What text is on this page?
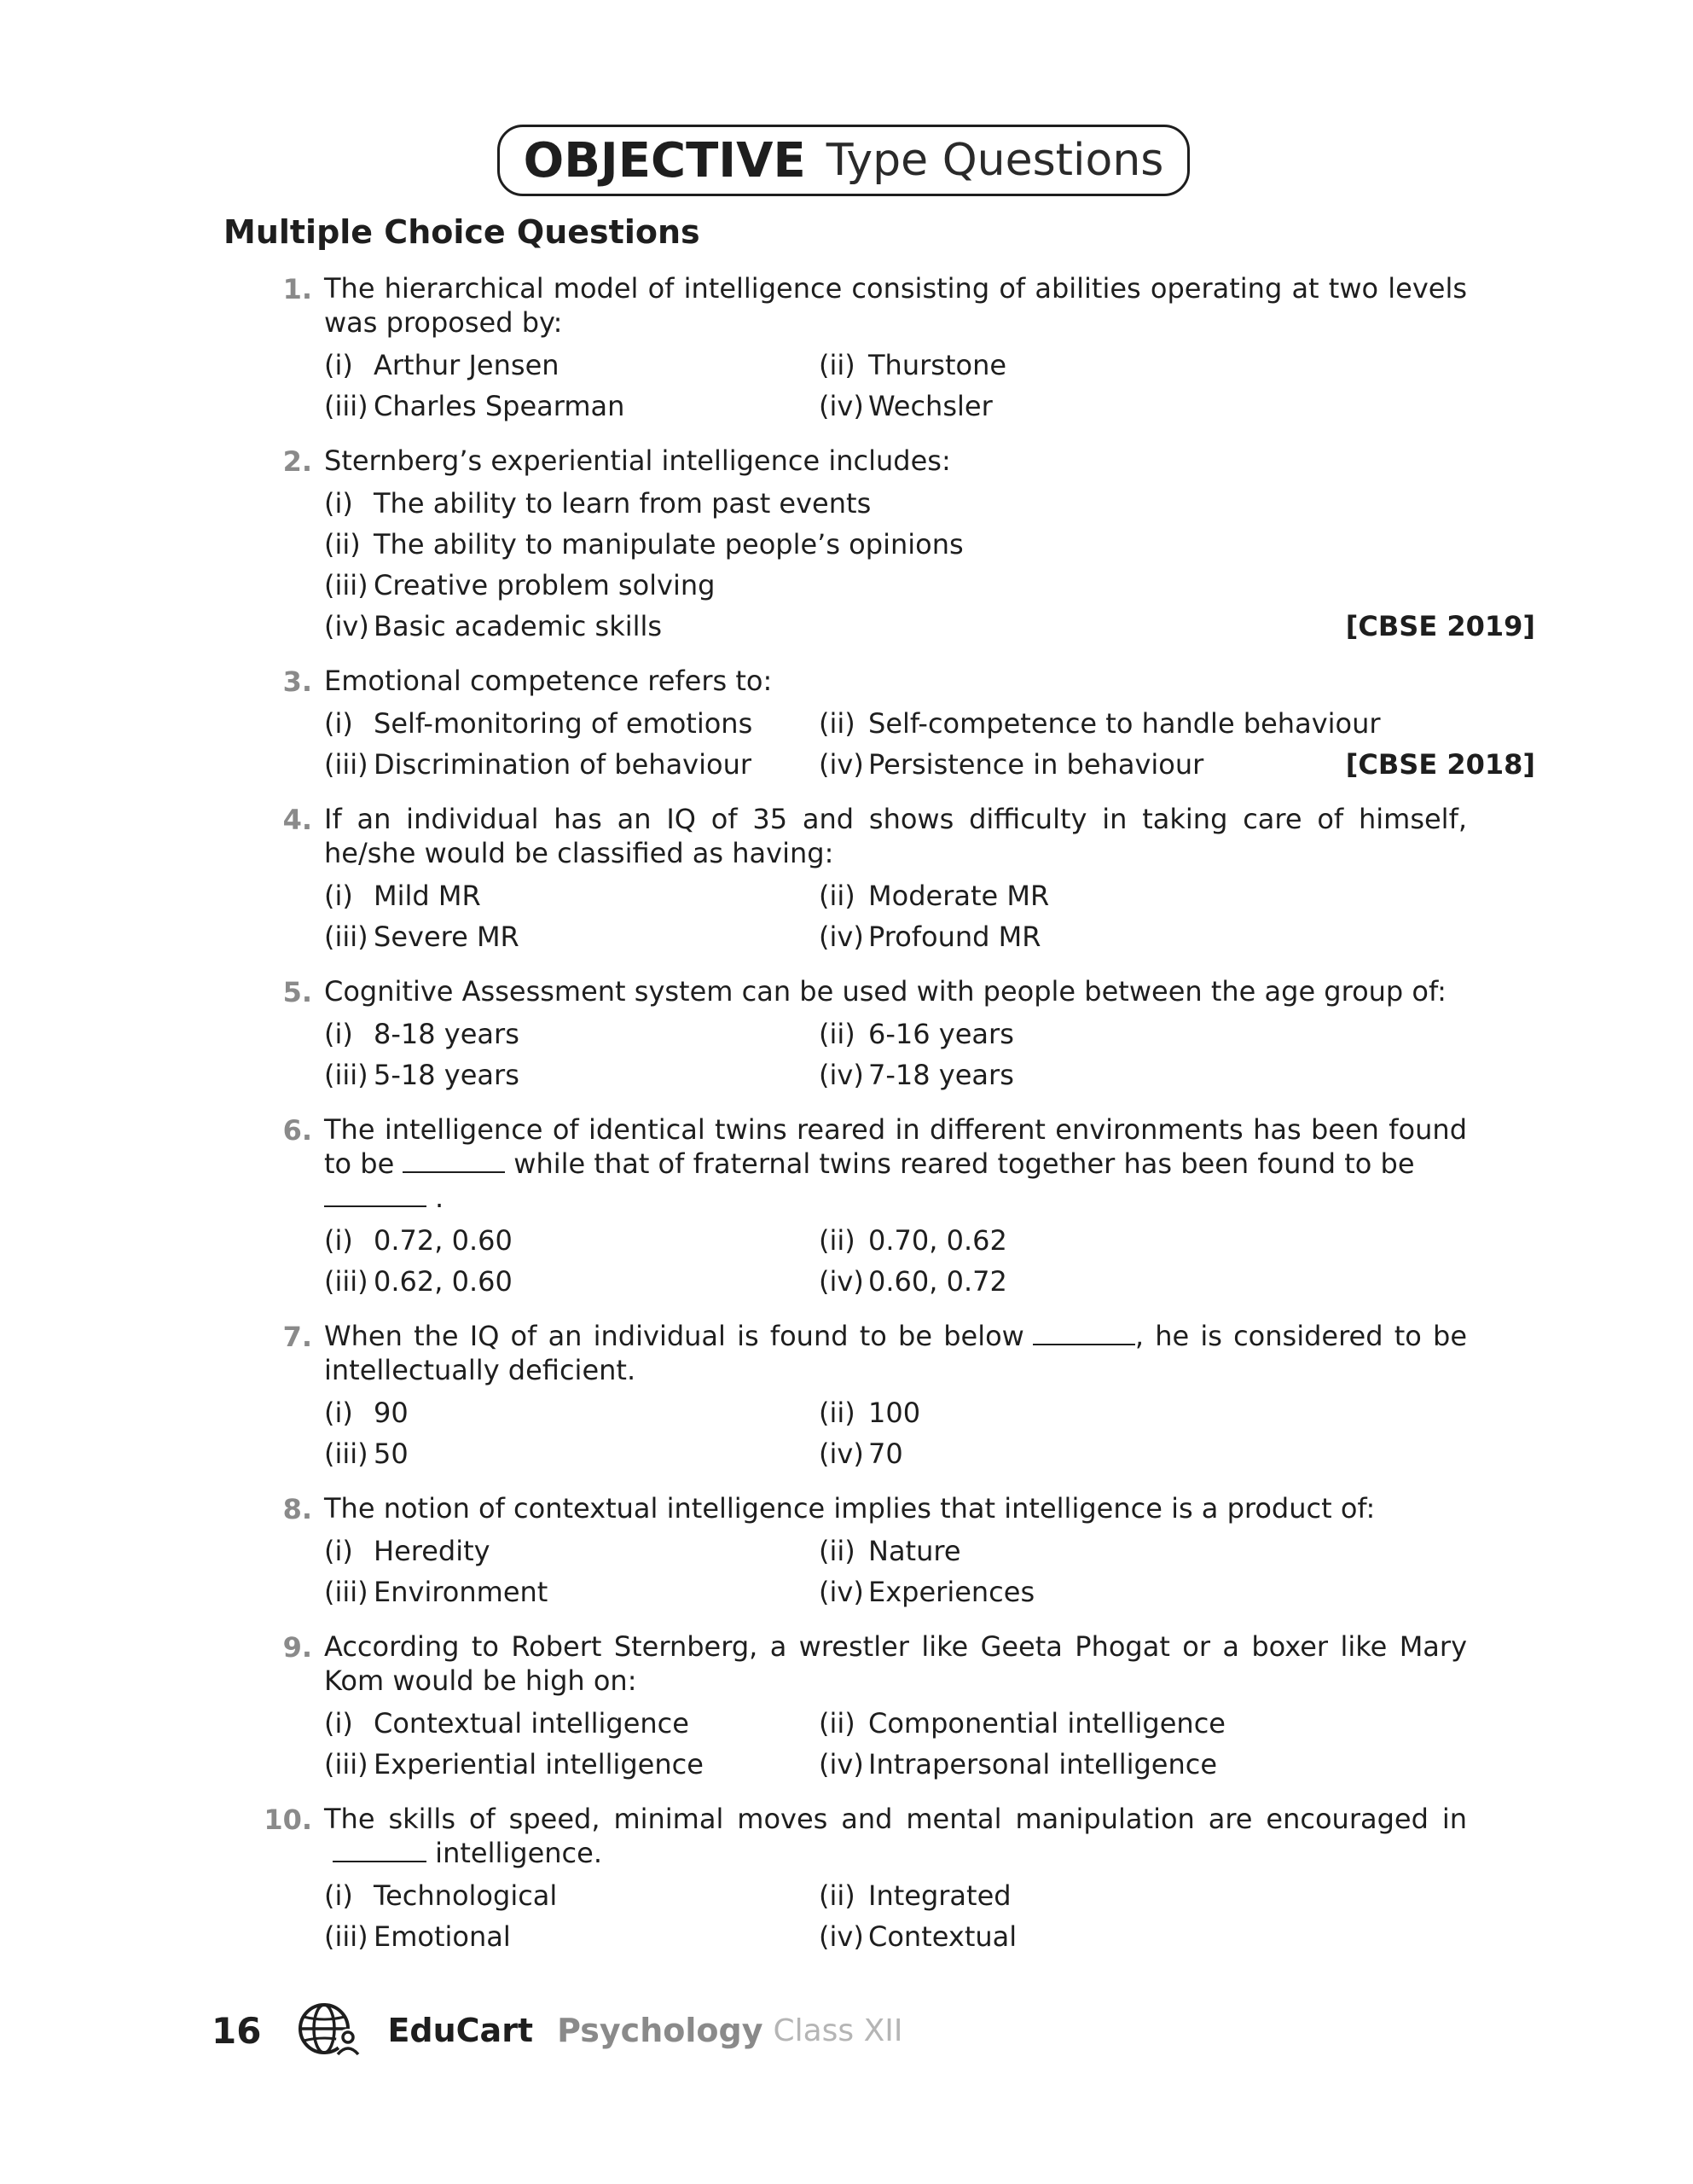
OBJECTIVE Type Questions
Multiple Choice Questions
1. The hierarchical model of intelligence consisting of abilities operating at two levels was proposed by:

(i) Arthur Jensen	(ii) Thurstone
(iii) Charles Spearman	(iv) Wechsler
2. Sternberg’s experiential intelligence includes:

(i) The ability to learn from past events
(ii) The ability to manipulate people’s opinions
(iii) Creative problem solving
(iv) Basic academic skills	[CBSE 2019]
3. Emotional competence refers to:

(i) Self-monitoring of emotions (ii) Self-competence to handle behaviour
(iii) Discrimination of behaviour (iv) Persistence in behaviour	[CBSE 2018]
4. If an individual has an IQ of 35 and shows difficulty in taking care of himself, he/she would be classified as having:

(i) Mild MR	(ii) Moderate MR
(iii) Severe MR	(iv) Profound MR
5. Cognitive Assessment system can be used with people between the age group of:

(i) 8-18 years	(ii) 6-16 years
(iii) 5-18 years	(iv) 7-18 years
6. The intelligence of identical twins reared in different environments has been found to be	while that of fraternal twins reared together has been found to be
.

(i) 0.72, 0.60	(ii) 0.70, 0.62
(iii) 0.62, 0.60	(iv) 0.60, 0.72
7. When the IQ of an individual is found to be below	, he is considered to be intellectually deficient.

(i) 90	(ii) 100
(iii) 50	(iv) 70
8. The notion of contextual intelligence implies that intelligence is a product of:

(i) Heredity	(ii) Nature
(iii) Environment	(iv) Experiences
9. According to Robert Sternberg, a wrestler like Geeta Phogat or a boxer like Mary Kom would be high on:

(i) Contextual intelligence	(ii) Componential intelligence
(iii) Experiential intelligence	(iv) Intrapersonal intelligence
10. The skills of speed, minimal moves and mental manipulation are encouraged in intelligence.

(i) Technological	(ii) Integrated
(iii) Emotional	(iv) Contextual
16	EduCart Psychology Class XII
